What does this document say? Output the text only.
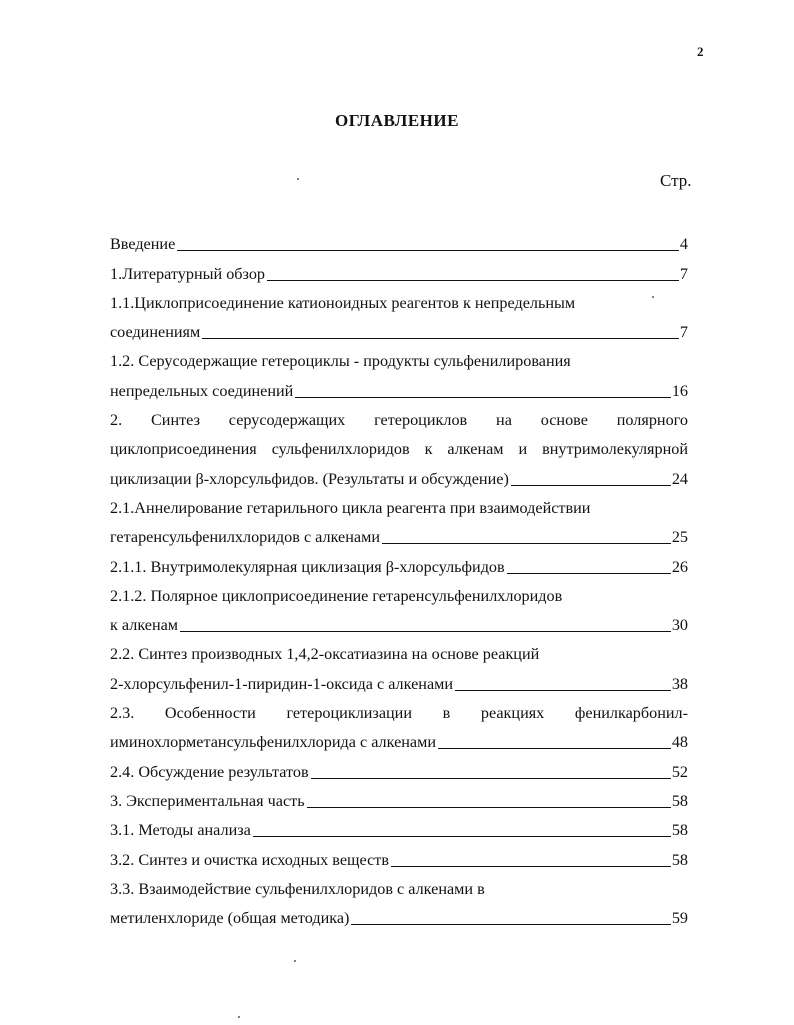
2
ОГЛАВЛЕНИЕ
Стр.
Введение	4
1.Литературный обзор	7
1.1.Циклоприсоединение катионоидных реагентов к непредельным
соединениям	7
1.2. Серусодержащие гетероциклы - продукты сульфенилирования
непредельных соединений	16
2. Синтез серусодержащих гетероциклов на основе полярного
циклоприсоединения сульфенилхлоридов к алкенам и внутримолекулярной
циклизации β-хлорсульфидов. (Результаты и обсуждение)	24
2.1.Аннелирование гетарильного цикла реагента при взаимодействии
гетаренсульфенилхлоридов с алкенами	25
2.1.1. Внутримолекулярная циклизация β-хлорсульфидов	26
2.1.2. Полярное циклоприсоединение гетаренсульфенилхлоридов
к алкенам	30
2.2. Синтез производных 1,4,2-оксатиазина на основе реакций
2-хлорсульфенил-1-пиридин-1-оксида с алкенами	38
2.3. Особенности гетероциклизации в реакциях фенилкарбонил-
иминохлорметансульфенилхлорида с алкенами	48
2.4. Обсуждение результатов	52
3. Экспериментальная часть	58
3.1. Методы анализа	58
3.2. Синтез и очистка исходных веществ	58
3.3. Взаимодействие сульфенилхлоридов с алкенами в
метиленхлориде (общая методика)	59
